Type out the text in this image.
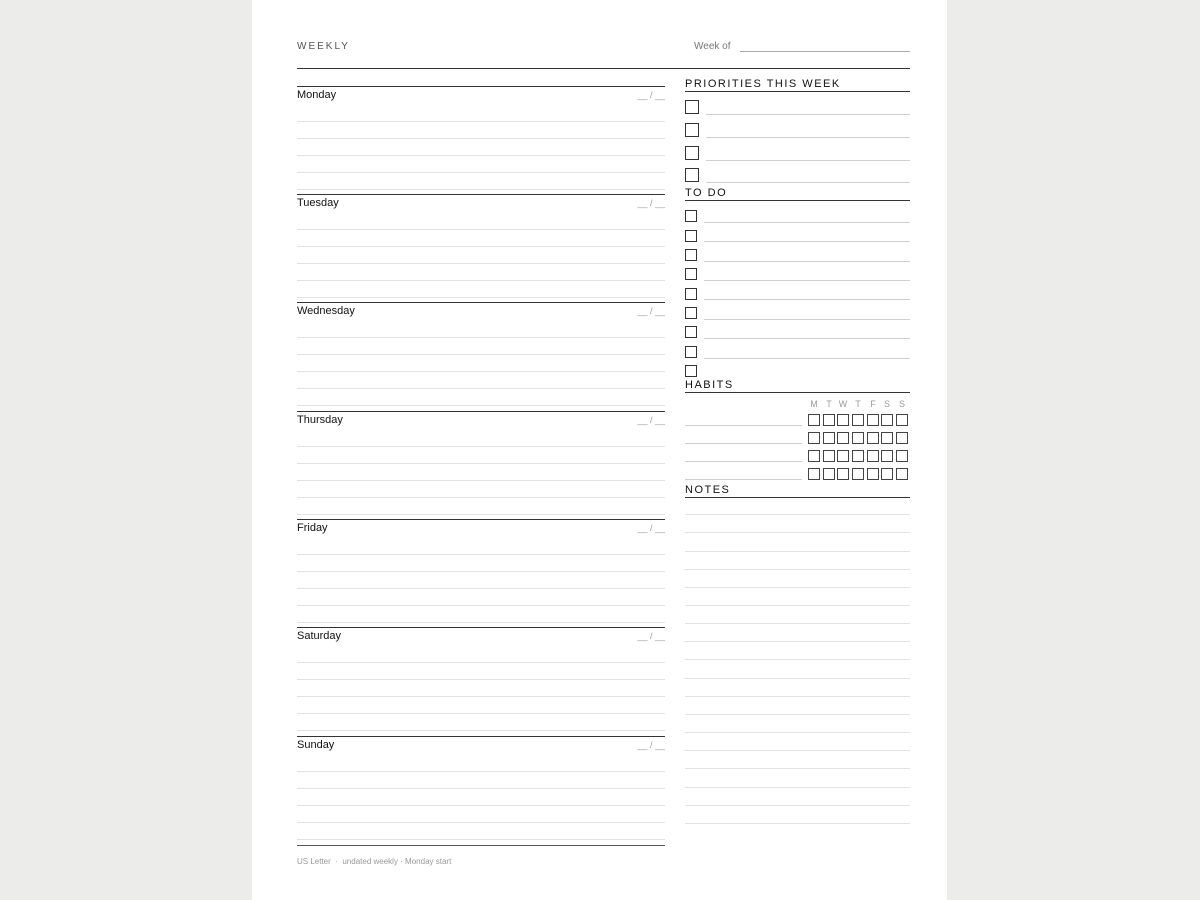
WEEKLY	Week of
Monday	__ / __
Tuesday	__ / __
Wednesday	__ / __
Thursday	__ / __
Friday	__ / __
Saturday	__ / __
Sunday	__ / __
PRIORITIES THIS WEEK
TO DO
HABITS
M T W T	F S S
NOTES
US Letter  ·  undated weekly · Monday start
